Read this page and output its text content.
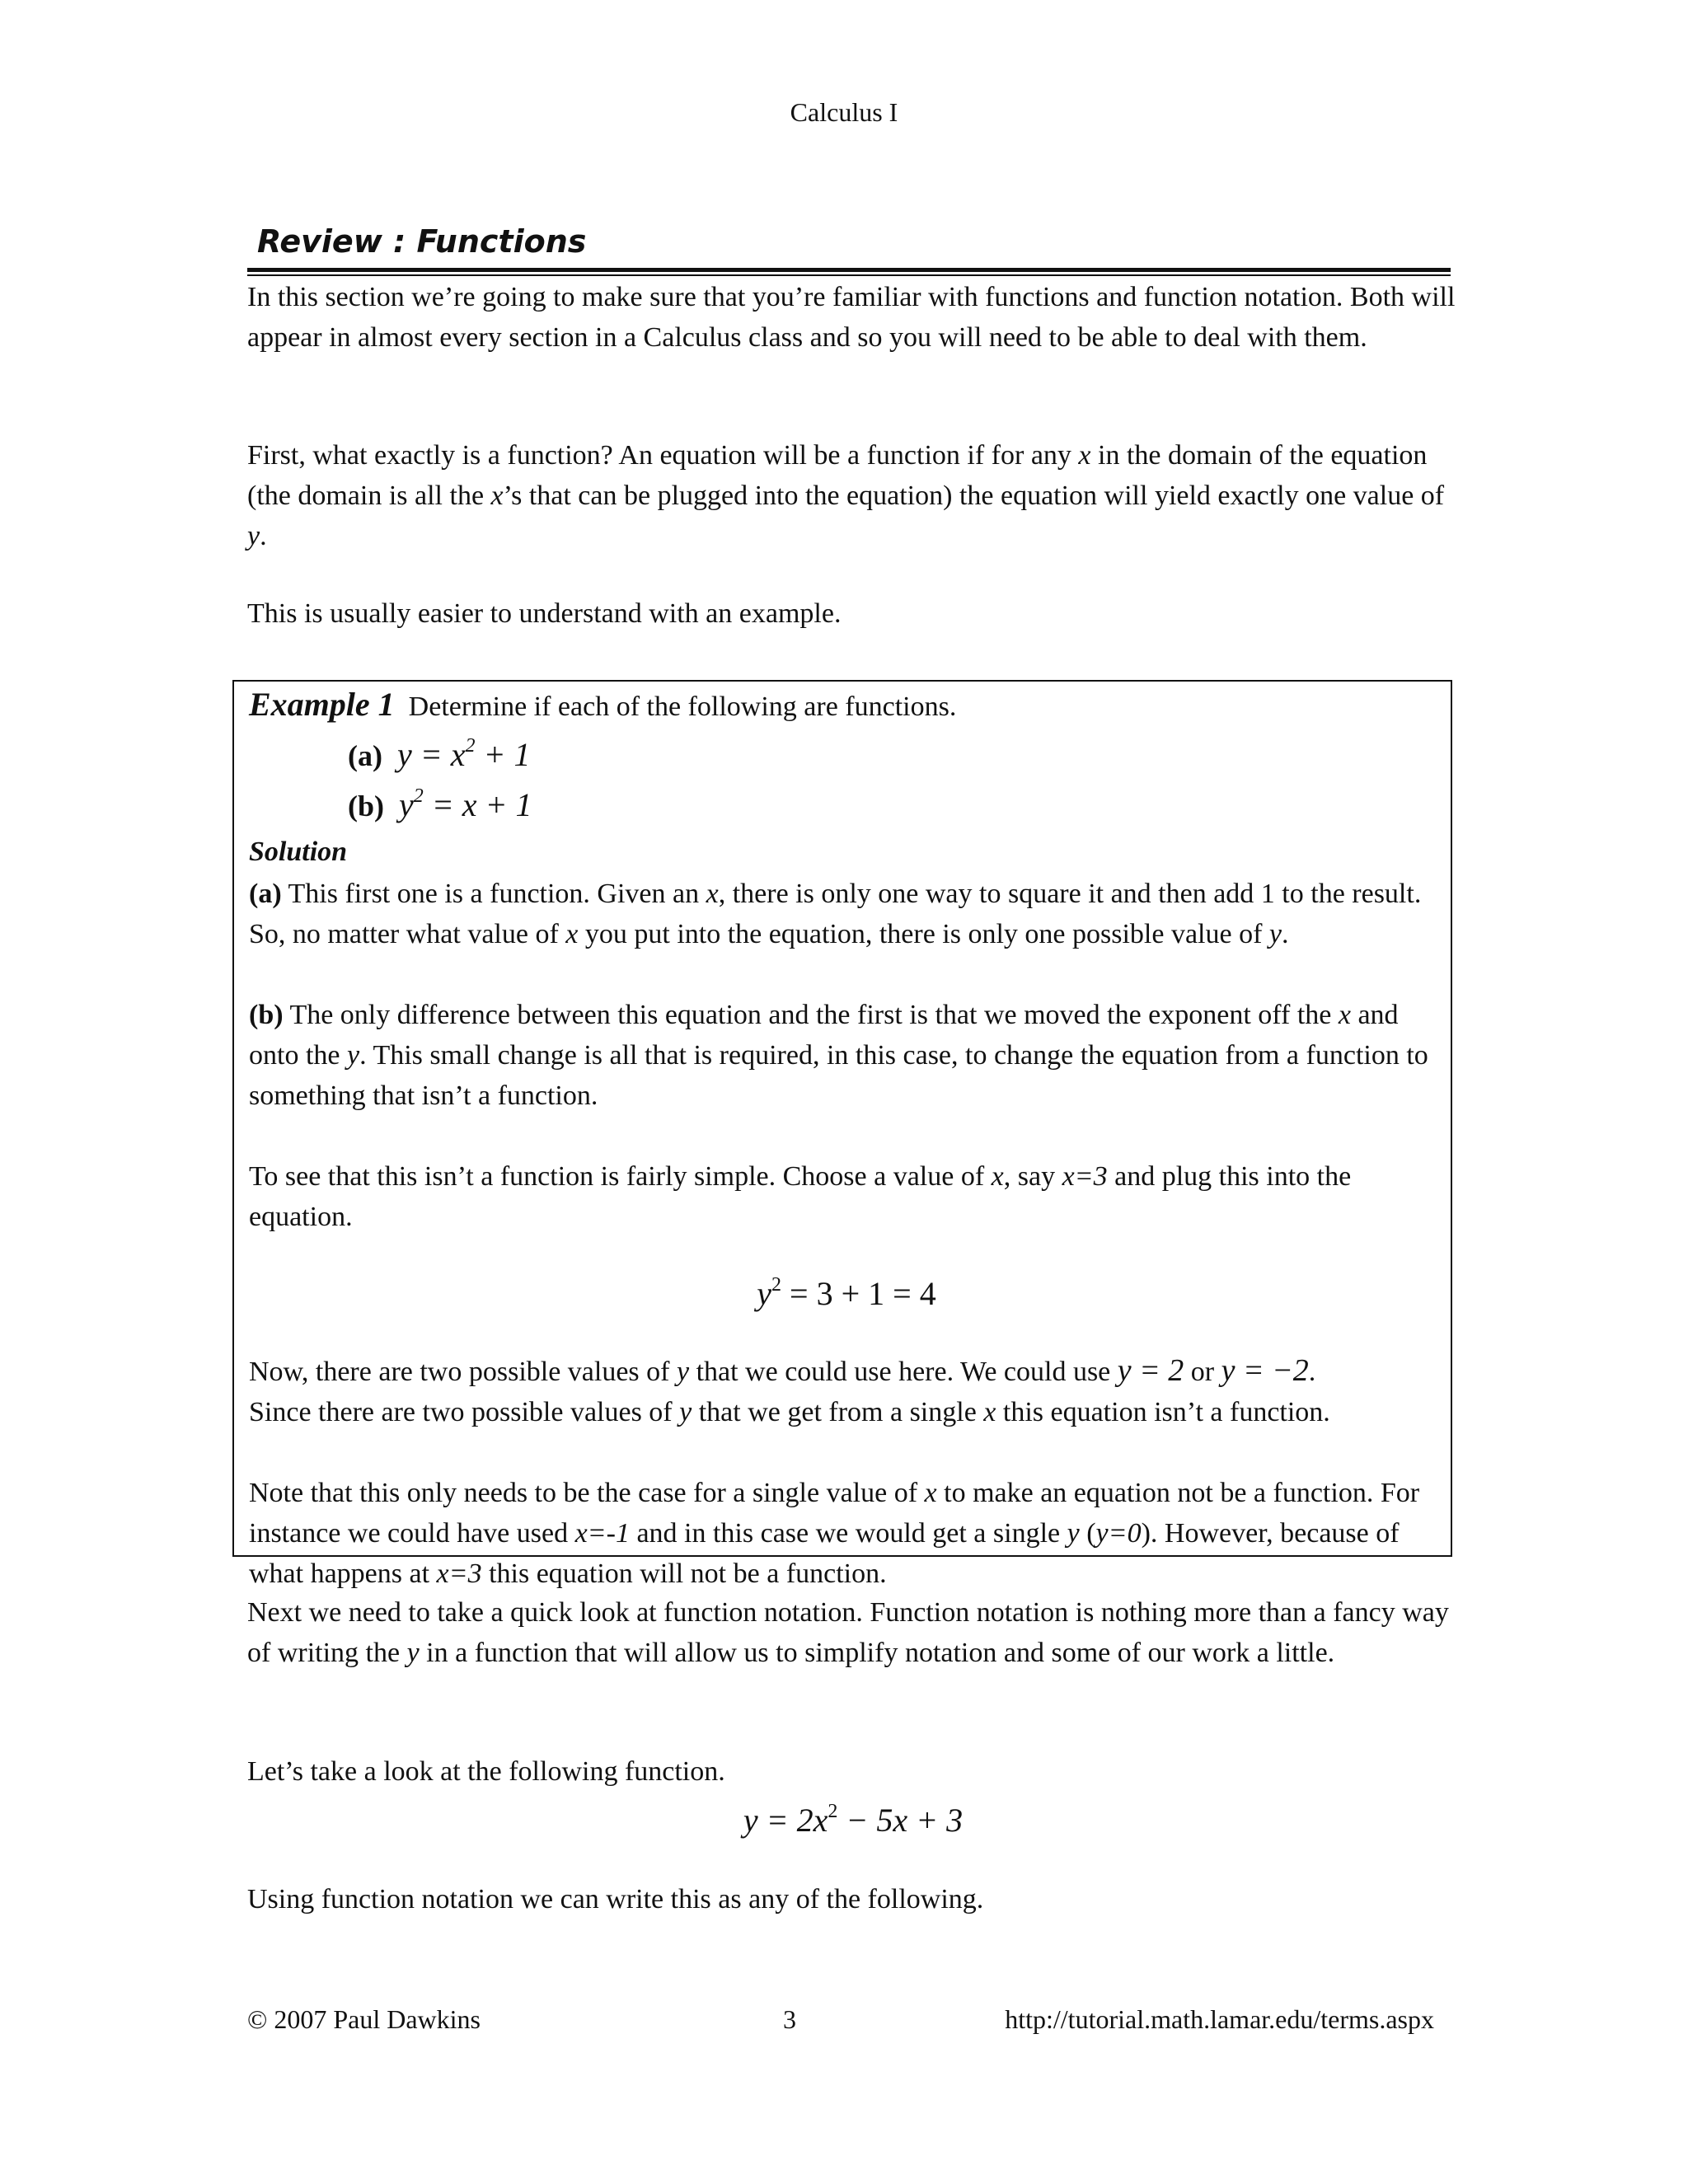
Calculus I
Review : Functions

In this section we’re going to make sure that you’re familiar with functions and function notation. Both will appear in almost every section in a Calculus class and so you will need to be able to deal with them.

First, what exactly is a function? An equation will be a function if for any x in the domain of the equation (the domain is all the x’s that can be plugged into the equation) the equation will yield exactly one value of y.

This is usually easier to understand with an example.

Example 1 Determine if each of the following are functions.

(a) $y = x^2 + 1$

(b) $y^2 = x + 1$

Solution

(a) This first one is a function. Given an x, there is only one way to square it and then add 1 to the result. So, no matter what value of x you put into the equation, there is only one possible value of y.

(b) The only difference between this equation and the first is that we moved the exponent off the x and onto the y. This small change is all that is required, in this case, to change the equation from a function to something that isn’t a function.

To see that this isn’t a function is fairly simple. Choose a value of x, say x=3 and plug this into the equation.

$y^2 = 3 + 1 = 4$

Now, there are two possible values of y that we could use here. We could use y = 2 or y = −2.
Since there are two possible values of y that we get from a single x this equation isn’t a function.

Note that this only needs to be the case for a single value of x to make an equation not be a function. For instance we could have used x=-1 and in this case we would get a single y (y=0). However, because of what happens at x=3 this equation will not be a function.

Next we need to take a quick look at function notation. Function notation is nothing more than a fancy way of writing the y in a function that will allow us to simplify notation and some of our work a little.

Let’s take a look at the following function.

$y = 2x^2 - 5x + 3$

Using function notation we can write this as any of the following.

© 2007 Paul Dawkins	3	http://tutorial.math.lamar.edu/terms.aspx
